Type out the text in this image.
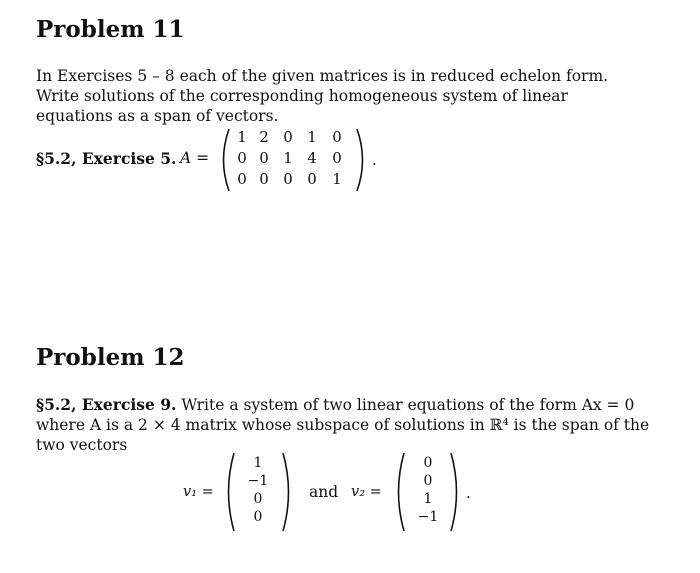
Problem 11
In Exercises 5 – 8 each of the given matrices is in reduced echelon form. Write solutions of the corresponding homogeneous system of linear equations as a span of vectors.
§5.2, Exercise 5. A =
1 2 0 1	0
0 0 1 4	0
0 0 0 0	1
.
Problem 12
§5.2, Exercise 9. Write a system of two linear equations of the form Ax = 0
where A is a 2 × 4 matrix whose subspace of solutions in ℝ⁴ is the span of the
two vectors
v₁ =
1
−1
0
0
and v₂ =
0
0
1
−1
.
